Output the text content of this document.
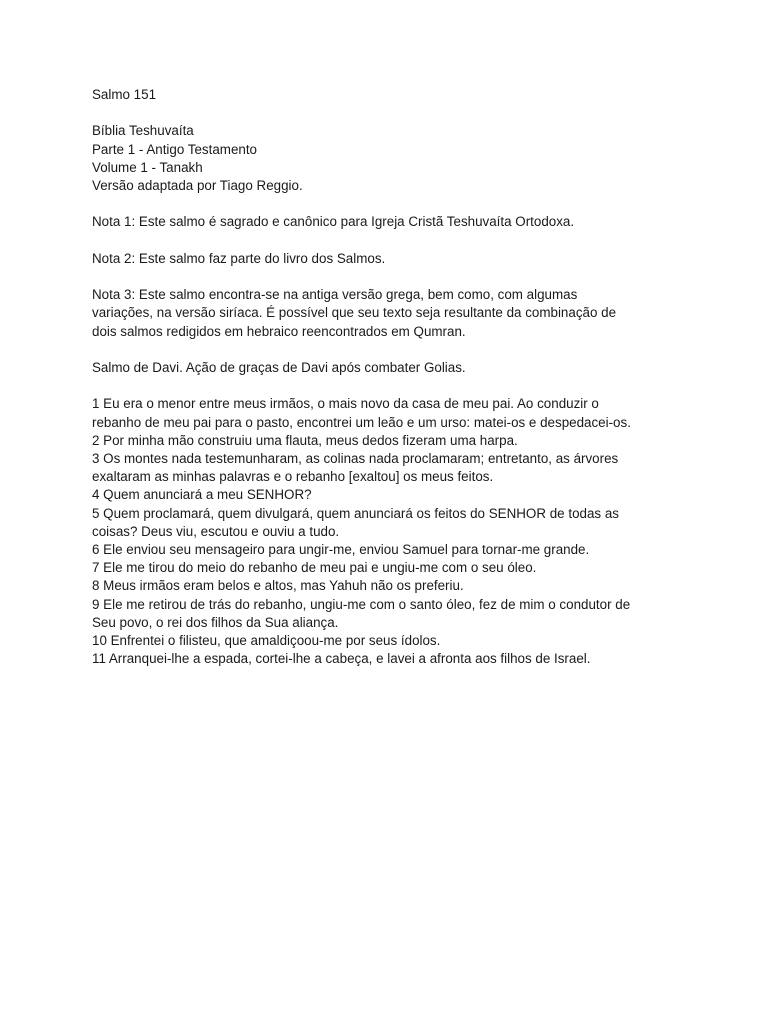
Salmo 151
Bíblia Teshuvaíta
Parte 1 - Antigo Testamento
Volume 1 - Tanakh
Versão adaptada por Tiago Reggio.
Nota 1: Este salmo é sagrado e canônico para Igreja Cristã Teshuvaíta Ortodoxa.
Nota 2: Este salmo faz parte do livro dos Salmos.
Nota 3: Este salmo encontra-se na antiga versão grega, bem como, com algumas
variações, na versão siríaca. É possível que seu texto seja resultante da combinação de
dois salmos redigidos em hebraico reencontrados em Qumran.
Salmo de Davi. Ação de graças de Davi após combater Golias.
1 Eu era o menor entre meus irmãos, o mais novo da casa de meu pai. Ao conduzir o
rebanho de meu pai para o pasto, encontrei um leão e um urso: matei-os e despedacei-os.
2 Por minha mão construiu uma flauta, meus dedos fizeram uma harpa.
3 Os montes nada testemunharam, as colinas nada proclamaram; entretanto, as árvores
exaltaram as minhas palavras e o rebanho [exaltou] os meus feitos.
4 Quem anunciará a meu SENHOR?
5 Quem proclamará, quem divulgará, quem anunciará os feitos do SENHOR de todas as
coisas? Deus viu, escutou e ouviu a tudo.
6 Ele enviou seu mensageiro para ungir-me, enviou Samuel para tornar-me grande.
7 Ele me tirou do meio do rebanho de meu pai e ungiu-me com o seu óleo.
8 Meus irmãos eram belos e altos, mas Yahuh não os preferiu.
9 Ele me retirou de trás do rebanho, ungiu-me com o santo óleo, fez de mim o condutor de
Seu povo, o rei dos filhos da Sua aliança.
10 Enfrentei o filisteu, que amaldiçoou-me por seus ídolos.
11 Arranquei-lhe a espada, cortei-lhe a cabeça, e lavei a afronta aos filhos de Israel.
